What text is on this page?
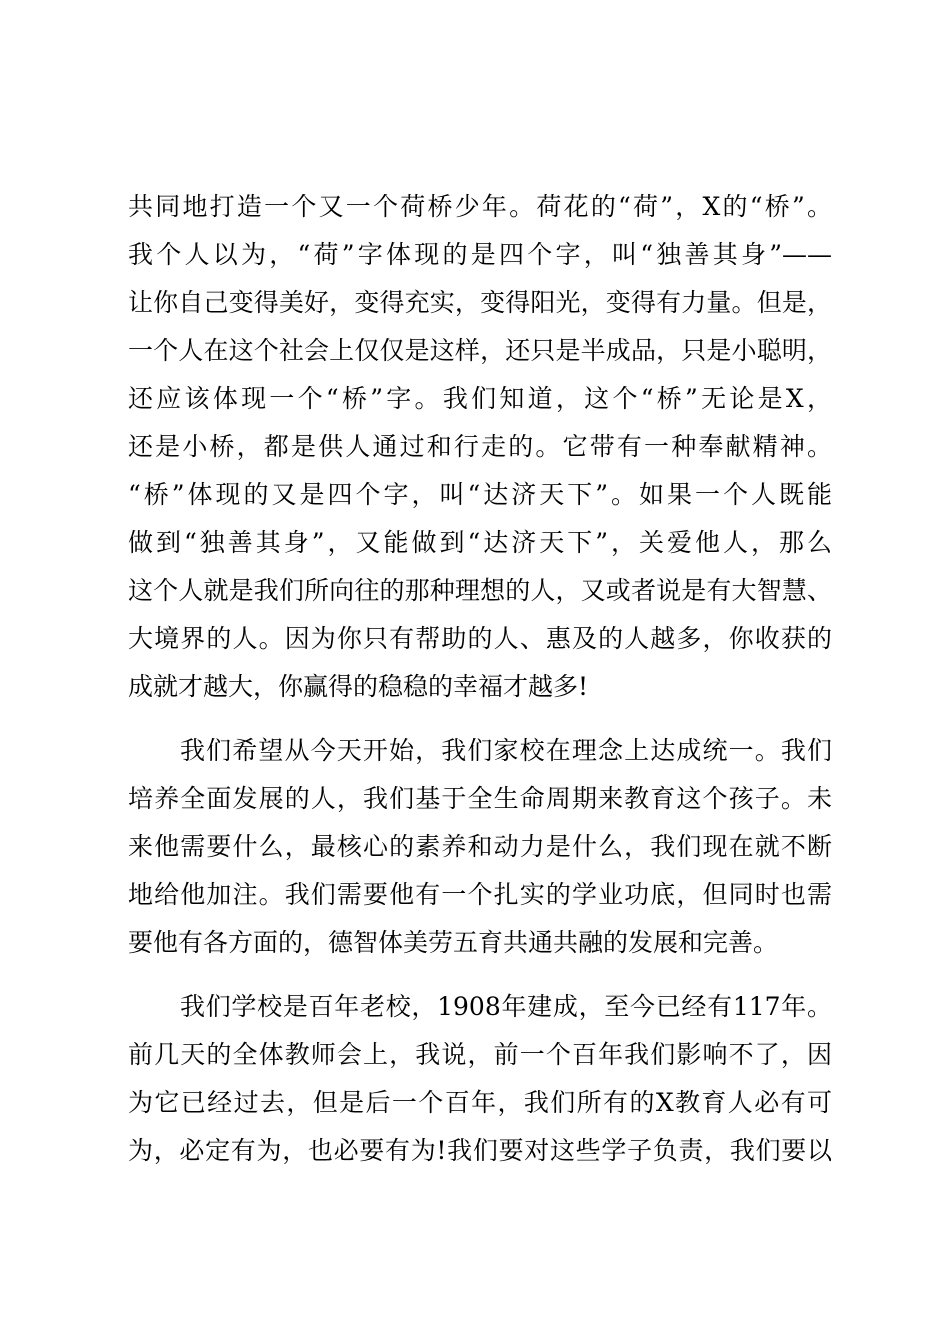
共同地打造一个又一个荷桥少年。荷花的“荷”，X的“桥”。
我个人以为，“荷”字体现的是四个字，叫“独善其身”——
让你自己变得美好，变得充实，变得阳光，变得有力量。但是，
一个人在这个社会上仅仅是这样，还只是半成品，只是小聪明，
还应该体现一个“桥”字。我们知道，这个“桥”无论是X，
还是小桥，都是供人通过和行走的。它带有一种奉献精神。
“桥”体现的又是四个字，叫“达济天下”。如果一个人既能
做到“独善其身”，又能做到“达济天下”，关爱他人，那么
这个人就是我们所向往的那种理想的人，又或者说是有大智慧、
大境界的人。因为你只有帮助的人、惠及的人越多，你收获的
成就才越大，你赢得的稳稳的幸福才越多!
我们希望从今天开始，我们家校在理念上达成统一。我们
培养全面发展的人，我们基于全生命周期来教育这个孩子。未
来他需要什么，最核心的素养和动力是什么，我们现在就不断
地给他加注。我们需要他有一个扎实的学业功底，但同时也需
要他有各方面的，德智体美劳五育共通共融的发展和完善。
我们学校是百年老校，1908年建成，至今已经有117年。
前几天的全体教师会上，我说，前一个百年我们影响不了，因
为它已经过去，但是后一个百年，我们所有的X教育人必有可
为，必定有为，也必要有为!我们要对这些学子负责，我们要以
